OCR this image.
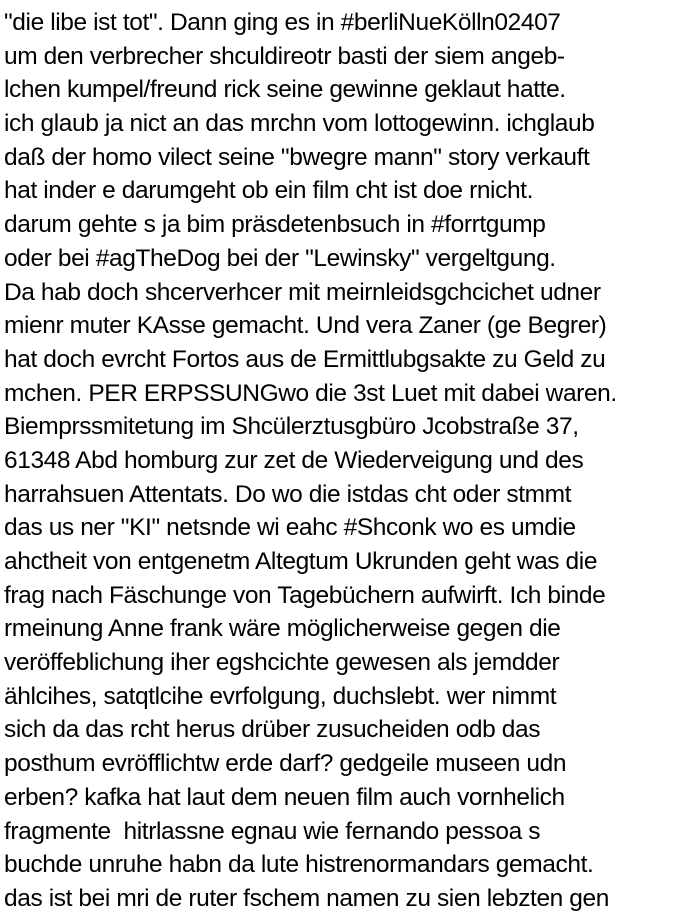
"die libe ist tot". Dann ging es in #berliNueKölln02407
um den verbrecher shculdireotr basti der siem angeb-
lchen kumpel/freund rick seine gewinne geklaut hatte.
ich glaub ja nict an das mrchn vom lottogewinn. ichglaub
daß der homo vilect seine "bwegre mann" story verkauft
hat inder e darumgeht ob ein film cht ist doe rnicht.
darum gehte s ja bim präsdetenbsuch in #forrtgump
oder bei #agTheDog bei der "Lewinsky" vergeltgung.
Da hab doch shcerverhcer mit meirnleidsgchcichet udner
mienr muter KAsse gemacht. Und vera Zaner (ge Begrer)
hat doch evrcht Fortos aus de Ermittlubgsakte zu Geld zu
mchen. PER ERPSSUNGwo die 3st Luet mit dabei waren.
Biemprssmitetung im Shcülerztusgbüro Jcobstraße 37,
61348 Abd homburg zur zet de Wiederveigung und des
harrahsuen Attentats. Do wo die istdas cht oder stmmt
das us ner "KI" netsnde wi eahc #Shconk wo es umdie
ahctheit von entgenetm Altegtum Ukrunden geht was die
frag nach Fäschunge von Tagebüchern aufwirft. Ich binde
rmeinung Anne frank wäre möglicherweise gegen die
veröffeblichung iher egshcichte gewesen als jemdder
ählcihes, satqtlcihe evrfolgung, duchslebt. wer nimmt
sich da das rcht herus drüber zusucheiden odb das
posthum evröfflichtw erde darf? gedgeile museen udn
erben? kafka hat laut dem neuen film auch vornhelich
fragmente  hitrlassne egnau wie fernando pessoa s
buchde unruhe habn da lute histrenormandars gemacht.
das ist bei mri de ruter fschem namen zu sien lebzten gen
